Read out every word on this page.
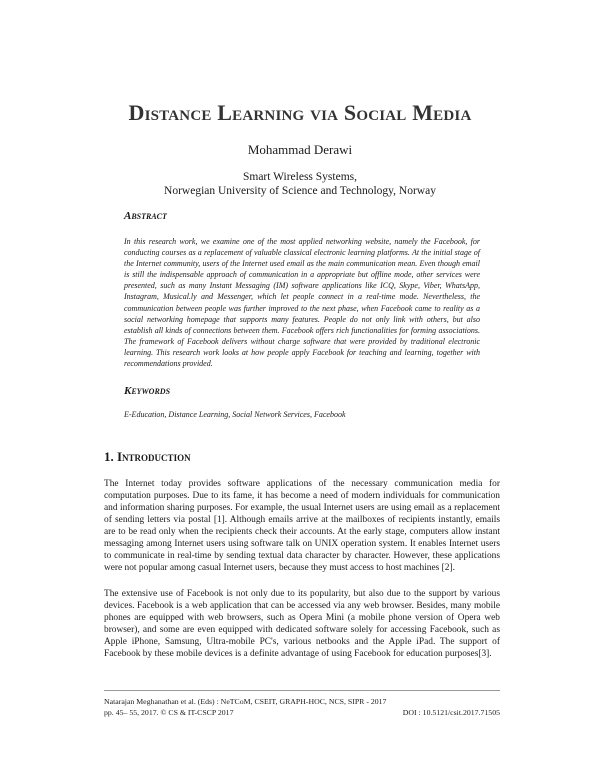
Distance Learning via Social Media

Mohammad Derawi

Smart Wireless Systems,
Norwegian University of Science and Technology, Norway

Abstract

In this research work, we examine one of the most applied networking website, namely the Facebook, for conducting courses as a replacement of valuable classical electronic learning platforms. At the initial stage of the Internet community, users of the Internet used email as the main communication mean. Even though email is still the indispensable approach of communication in a appropriate but offline mode, other services were presented, such as many Instant Messaging (IM) software applications like ICQ, Skype, Viber, WhatsApp, Instagram, Musical.ly and Messenger, which let people connect in a real-time mode. Nevertheless, the communication between people was further improved to the next phase, when Facebook came to reality as a social networking homepage that supports many features. People do not only link with others, but also establish all kinds of connections between them. Facebook offers rich functionalities for forming associations. The framework of Facebook delivers without charge software that were provided by traditional electronic learning. This research work looks at how people apply Facebook for teaching and learning, together with recommendations provided.

Keywords

E-Education, Distance Learning, Social Network Services, Facebook

1. Introduction

The Internet today provides software applications of the necessary communication media for computation purposes. Due to its fame, it has become a need of modern individuals for communication and information sharing purposes. For example, the usual Internet users are using email as a replacement of sending letters via postal [1]. Although emails arrive at the mailboxes of recipients instantly, emails are to be read only when the recipients check their accounts. At the early stage, computers allow instant messaging among Internet users using software talk on UNIX operation system. It enables Internet users to communicate in real-time by sending textual data character by character. However, these applications were not popular among casual Internet users, because they must access to host machines [2].

The extensive use of Facebook is not only due to its popularity, but also due to the support by various devices. Facebook is a web application that can be accessed via any web browser. Besides, many mobile phones are equipped with web browsers, such as Opera Mini (a mobile phone version of Opera web browser), and some are even equipped with dedicated software solely for accessing Facebook, such as Apple iPhone, Samsung, Ultra-mobile PC's, various netbooks and the Apple iPad. The support of Facebook by these mobile devices is a definite advantage of using Facebook for education purposes[3].

Natarajan Meghanathan et al. (Eds) : NeTCoM, CSEIT, GRAPH-HOC, NCS, SIPR - 2017
pp. 45– 55, 2017. © CS & IT-CSCP 2017	DOI : 10.5121/csit.2017.71505
